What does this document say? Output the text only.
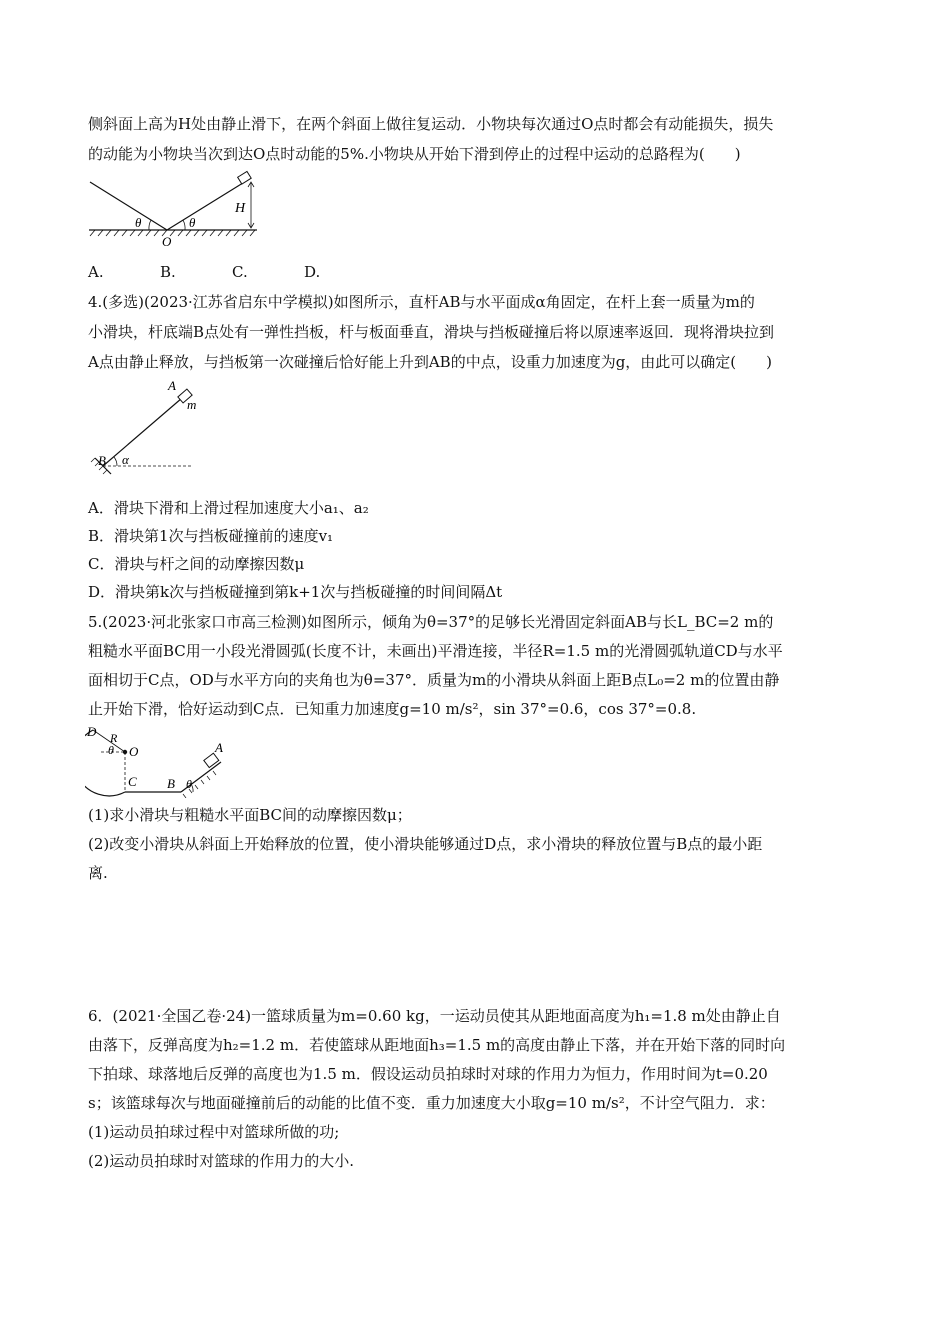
侧斜面上高为H处由静止滑下，在两个斜面上做往复运动．小物块每次通过O点时都会有动能损失，损失
的动能为小物块当次到达O点时动能的5%.小物块从开始下滑到停止的过程中运动的总路程为(　　)
θ	θ
O
H
A.	B.	C.	D.
4.(多选)(2023·江苏省启东中学模拟)如图所示，直杆AB与水平面成α角固定，在杆上套一质量为m的
小滑块，杆底端B点处有一弹性挡板，杆与板面垂直，滑块与挡板碰撞后将以原速率返回．现将滑块拉到
A点由静止释放，与挡板第一次碰撞后恰好能上升到AB的中点，设重力加速度为g，由此可以确定(　　)
A
m
B α
A．滑块下滑和上滑过程加速度大小a₁、a₂
B．滑块第1次与挡板碰撞前的速度v₁
C．滑块与杆之间的动摩擦因数μ
D．滑块第k次与挡板碰撞到第k+1次与挡板碰撞的时间间隔Δt
5.(2023·河北张家口市高三检测)如图所示，倾角为θ=37°的足够长光滑固定斜面AB与长L_BC=2 m的
粗糙水平面BC用一小段光滑圆弧(长度不计，未画出)平滑连接，半径R=1.5 m的光滑圆弧轨道CD与水平
面相切于C点，OD与水平方向的夹角也为θ=37°．质量为m的小滑块从斜面上距B点L₀=2 m的位置由静
止开始下滑，恰好运动到C点．已知重力加速度g=10 m/s²，sin 37°=0.6，cos 37°=0.8.
D R
θ O
C B θ
A
(1)求小滑块与粗糙水平面BC间的动摩擦因数μ；
(2)改变小滑块从斜面上开始释放的位置，使小滑块能够通过D点，求小滑块的释放位置与B点的最小距
离.
6．(2021·全国乙卷·24)一篮球质量为m=0.60 kg，一运动员使其从距地面高度为h₁=1.8 m处由静止自
由落下，反弹高度为h₂=1.2 m．若使篮球从距地面h₃=1.5 m的高度由静止下落，并在开始下落的同时向
下拍球、球落地后反弹的高度也为1.5 m．假设运动员拍球时对球的作用力为恒力，作用时间为t=0.20
s；该篮球每次与地面碰撞前后的动能的比值不变．重力加速度大小取g=10 m/s²，不计空气阻力．求：
(1)运动员拍球过程中对篮球所做的功;
(2)运动员拍球时对篮球的作用力的大小.
